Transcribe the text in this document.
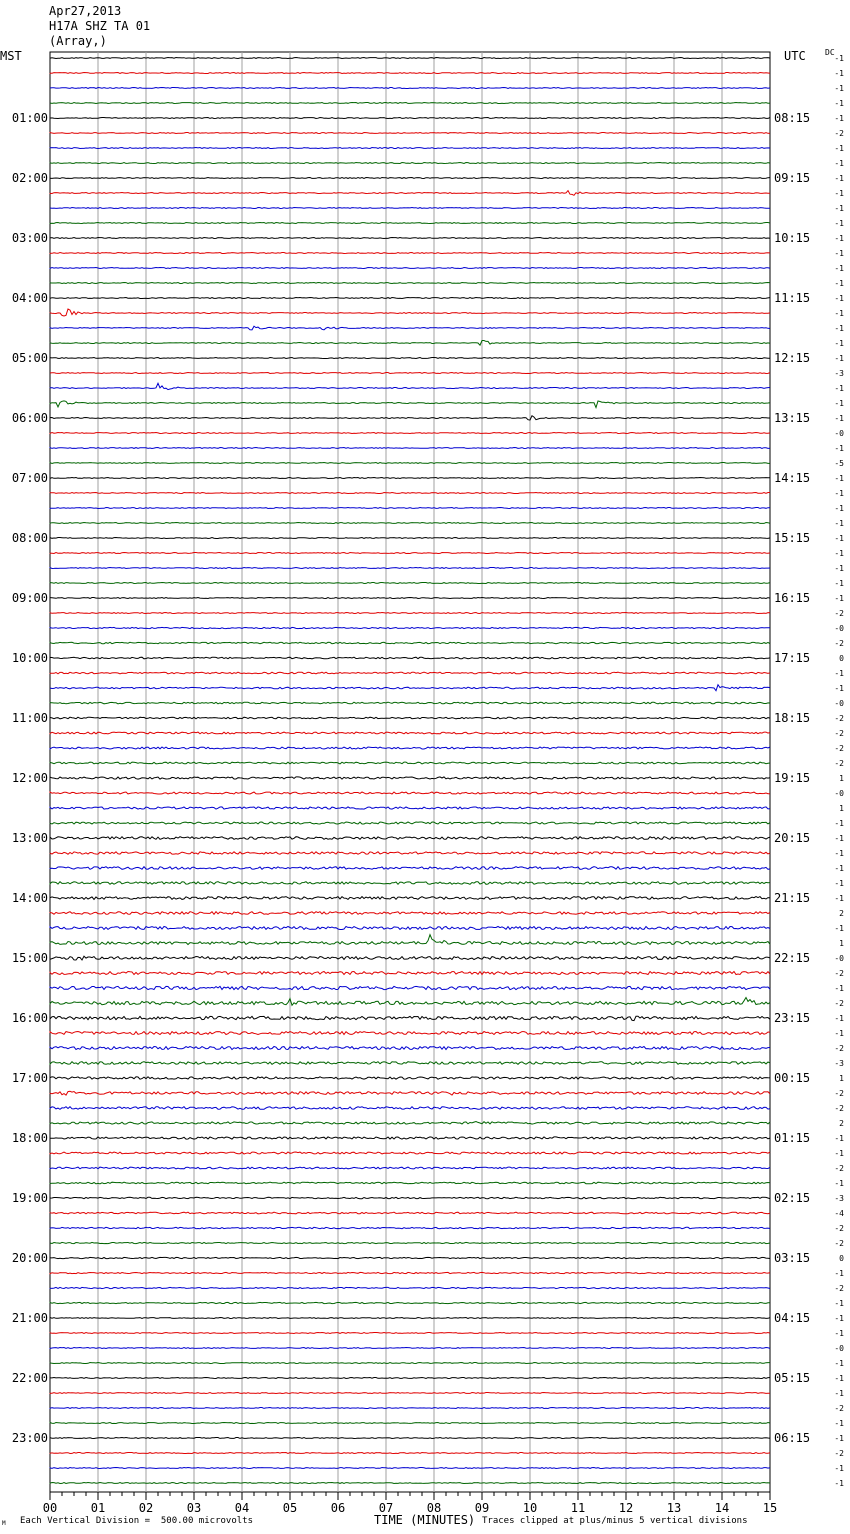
Apr27,2013
H17A SHZ TA 01
(Array,)
MST	UTC DC
01:00	08:15
02:00	09:15
03:00	10:15
04:00	11:15
05:00	12:15
06:00	13:15
07:00	14:15
08:00	15:15
09:00	16:15
10:00	17:15
11:00	18:15
12:00	19:15
13:00	20:15
14:00	21:15
15:00	22:15
16:00	23:15
17:00	00:15
18:00	01:15
19:00	02:15
20:00	03:15
21:00	04:15
22:00	05:15
23:00	06:15
-1
-1
-1
-1
-1
-2
-1
-1
-1
-1
-1
-1
-1
-1
-1
-1
-1
-1
-1
-1
-1
-3
-1
-1
-1
-0
-1
-5
-1
-1
-1
-1
-1
-1
-1
-1
-1
-2
-0
-2
0
-1
-1
-0
-2
-2
-2
-2
1
-0
1
-1
-1
-1
-1
-1
-1
2
-1
1
-0
-2
-1
-2
-1
-1
-2
-3
1
-2
-2
2
-1
-1
-2
-1
-3
-4
-2
-2
0
-1
-2
-1
-1
-1
-0
-1
-1
-1
-2
-1
-1
-2
-1
-1
00	01	02	03	04	05	06	07	08	09	10	11	12	13	14	15
M Each Vertical Division =  500.00 microvolts	TIME (MINUTES) Traces clipped at plus/minus 5 vertical divisions
